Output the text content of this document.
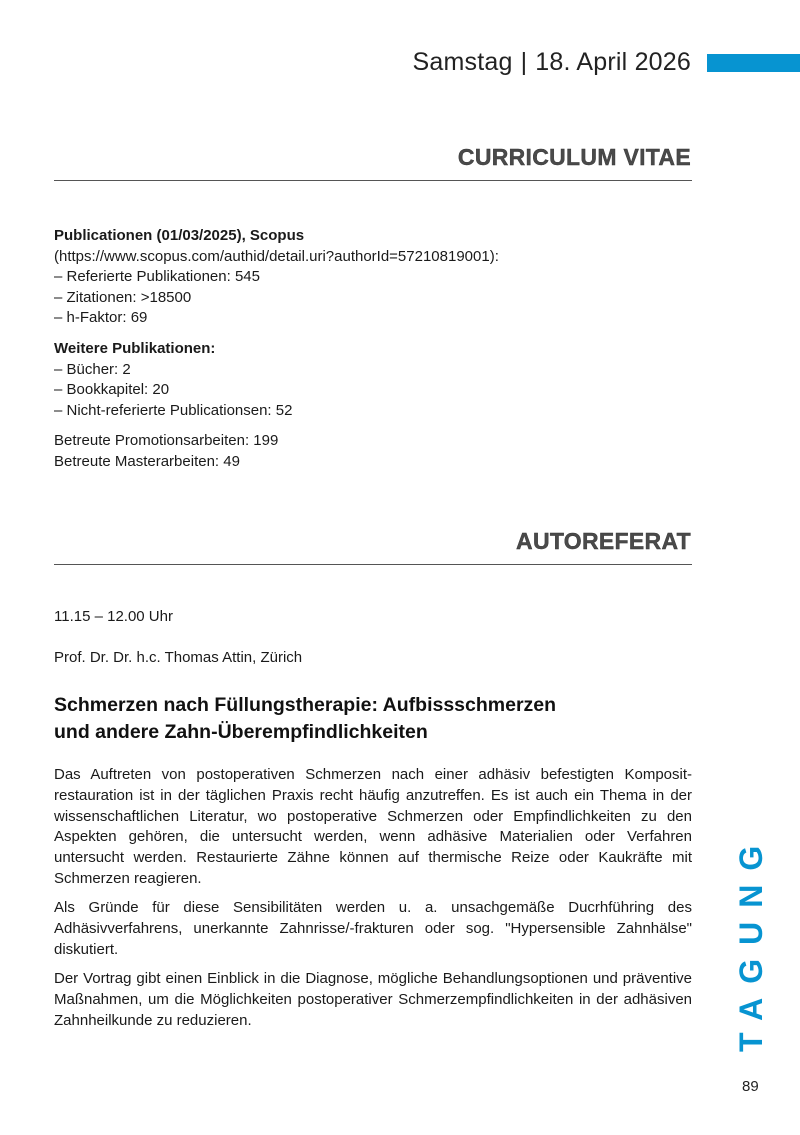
Samstag | 18. April 2026
CURRICULUM VITAE

Publicationen (01/03/2025), Scopus

(https://www.scopus.com/authid/detail.uri?authorId=57210819001):

– Referierte Publikationen: 545

– Zitationen: >18500

– h-Faktor: 69

Weitere Publikationen:

– Bücher: 2

– Bookkapitel: 20

– Nicht-referierte Publicationsen: 52

Betreute Promotionsarbeiten: 199

Betreute Masterarbeiten: 49

AUTOREFERAT
11.15 – 12.00 Uhr
Prof. Dr. Dr. h.c. Thomas Attin, Zürich
Schmerzen nach Füllungstherapie: Aufbissschmerzen
und andere Zahn-Überempfindlichkeiten
Das Auftreten von postoperativen Schmerzen nach einer adhäsiv befestigten Komposit-restauration ist in der täglichen Praxis recht häufig anzutreffen. Es ist auch ein Thema in der wissenschaftlichen Literatur, wo postoperative Schmerzen oder Empfindlichkeiten zu den Aspekten gehören, die untersucht werden, wenn adhäsive Materialien oder Verfahren untersucht werden. Restaurierte Zähne können auf thermische Reize oder Kaukräfte mit Schmerzen reagieren.
Als Gründe für diese Sensibilitäten werden u. a. unsachgemäße Ducrhführing des Adhäsivverfahrens, unerkannte Zahnrisse/-frakturen oder sog. "Hypersensible Zahnhälse" diskutiert.
Der Vortrag gibt einen Einblick in die Diagnose, mögliche Behandlungsoptionen und präventive Maßnahmen, um die Möglichkeiten postoperativer Schmerzempfindlichkeiten in der adhäsiven Zahnheilkunde zu reduzieren.	TAGUNG
89
